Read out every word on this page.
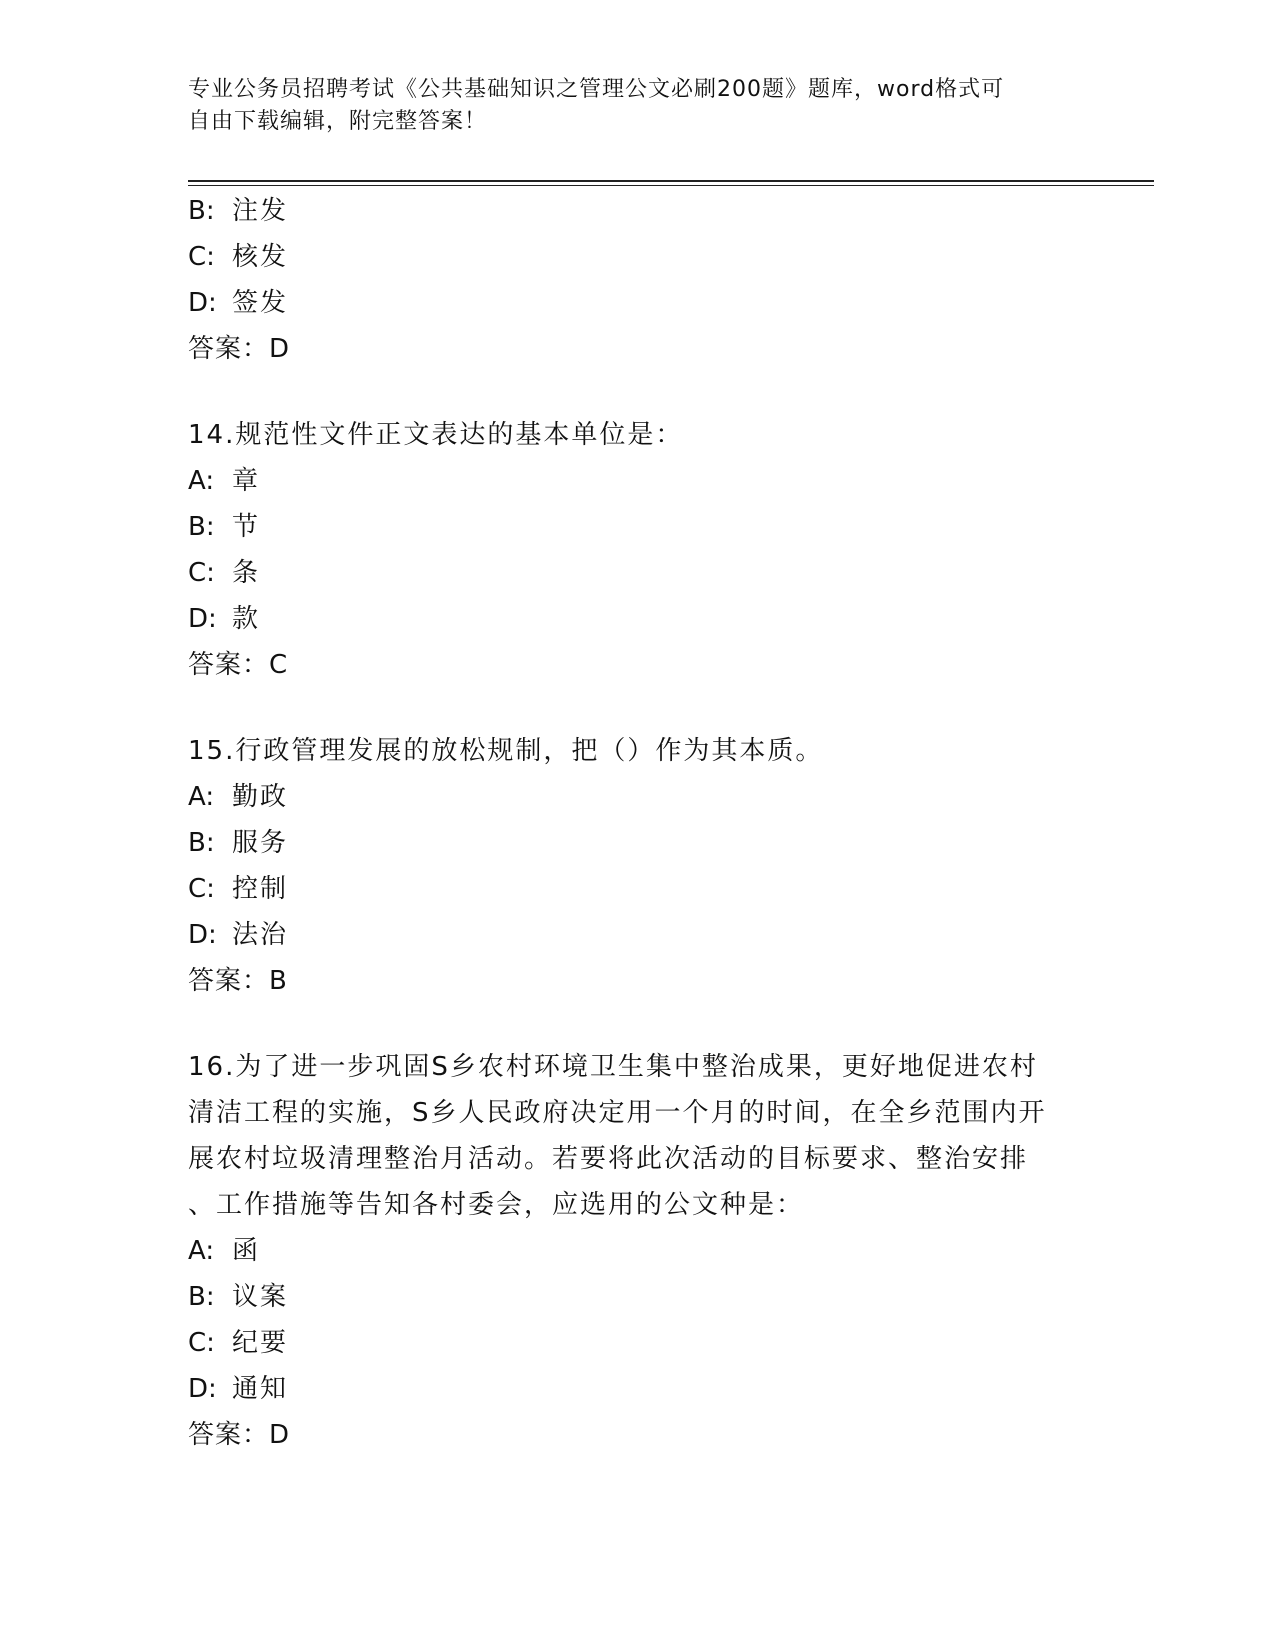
专业公务员招聘考试《公共基础知识之管理公文必刷200题》题库，word格式可
自由下载编辑，附完整答案！
B: 注发
C: 核发
D: 签发
答案：D
14.规范性文件正文表达的基本单位是：
A: 章
B: 节
C: 条
D: 款
答案：C
15.行政管理发展的放松规制，把（）作为其本质。
A: 勤政
B: 服务
C: 控制
D: 法治
答案：B
16.为了进一步巩固S乡农村环境卫生集中整治成果，更好地促进农村
清洁工程的实施，S乡人民政府决定用一个月的时间，在全乡范围内开
展农村垃圾清理整治月活动。若要将此次活动的目标要求、整治安排
、工作措施等告知各村委会，应选用的公文种是：
A: 函
B: 议案
C: 纪要
D: 通知
答案：D
